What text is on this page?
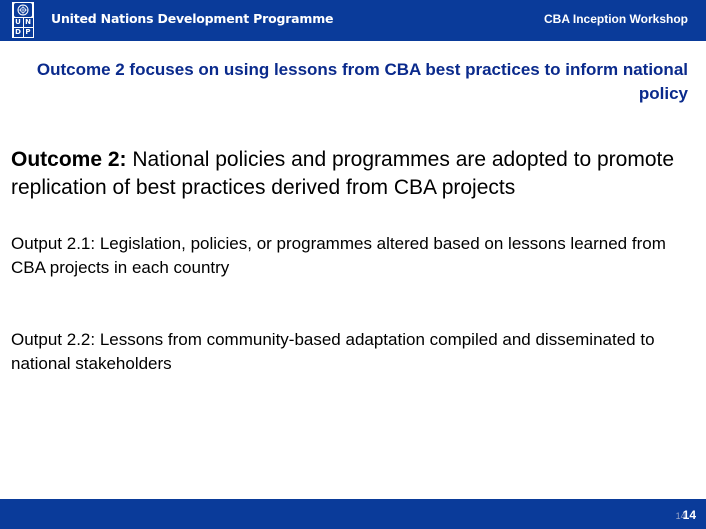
U N
D P
United Nations Development Programme	CBA Inception Workshop
Outcome 2 focuses on using lessons from CBA best practices to inform national policy
Outcome 2: National policies and programmes are adopted to promote replication of best practices derived from CBA projects
Output 2.1: Legislation, policies, or programmes altered based on lessons learned from CBA projects in each country
Output 2.2: Lessons from community-based adaptation compiled and disseminated to national stakeholders
1414
